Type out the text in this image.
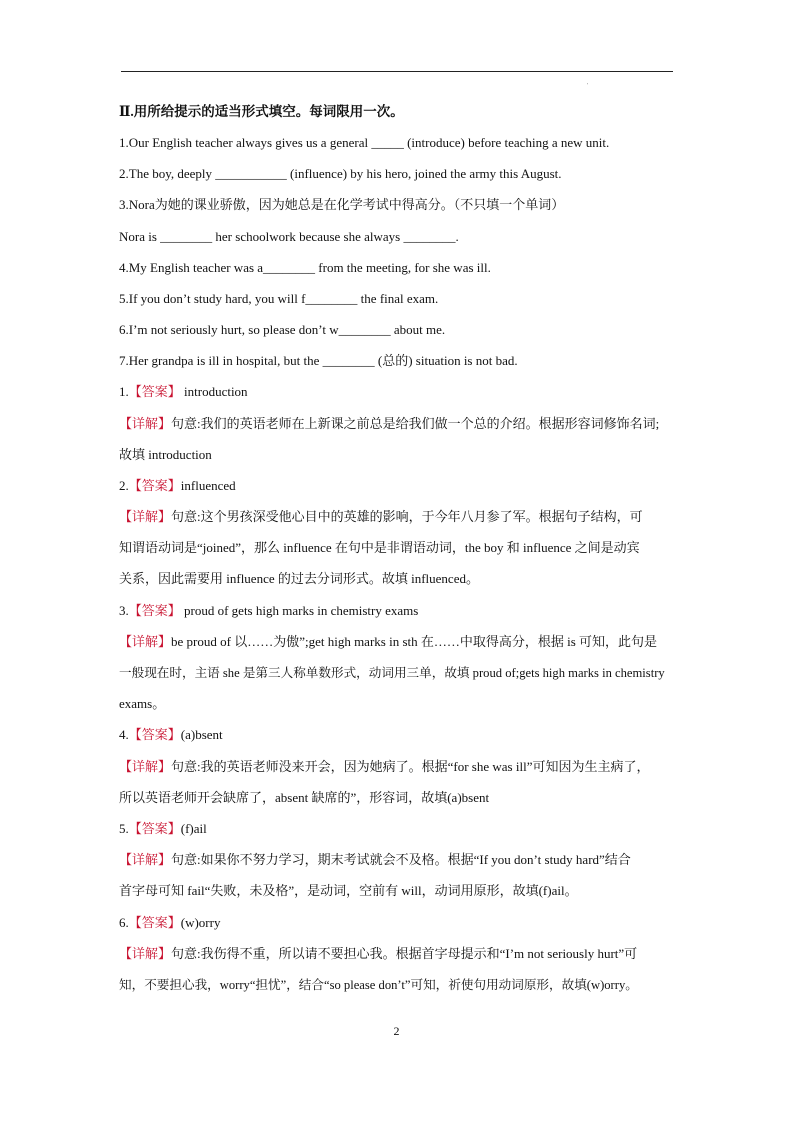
'
Ⅱ.用所给提示的适当形式填空。每词限用一次。
1.Our English teacher always gives us a general _____ (introduce) before teaching a new unit.
2.The boy, deeply ___________ (influence) by his hero, joined the army this August.
3.Nora为她的课业骄傲，因为她总是在化学考试中得高分。（不只填一个单词）
Nora is ________ her schoolwork because she always ________.
4.My English teacher was a________ from the meeting, for she was ill.
5.If you don’t study hard, you will f________ the final exam.
6.I’m not seriously hurt, so please don’t w________ about me.
7.Her grandpa is ill in hospital, but the ________ (总的) situation is not bad.
1.【答案】 introduction
【详解】句意:我们的英语老师在上新课之前总是给我们做一个总的介绍。根据形容词修饰名词;
故填 introduction
2.【答案】influenced
【详解】句意:这个男孩深受他心目中的英雄的影响，于今年八月参了军。根据句子结构，可
知谓语动词是“joined”，那么 influence 在句中是非谓语动词，the boy 和 influence 之间是动宾
关系，因此需要用 influence 的过去分词形式。故填 influenced。
3.【答案】 proud of gets high marks in chemistry exams
【详解】be proud of 以……为傲”;get high marks in sth 在……中取得高分，根据 is 可知，此句是
一般现在时，主语 she 是第三人称单数形式，动词用三单，故填 proud of;gets high marks in chemistry
exams。
4.【答案】(a)bsent
【详解】句意:我的英语老师没来开会，因为她病了。根据“for she was ill”可知因为生主病了，
所以英语老师开会缺席了，absent 缺席的”，形容词，故填(a)bsent
5.【答案】(f)ail
【详解】句意:如果你不努力学习，期末考试就会不及格。根据“If you don’t study hard”结合
首字母可知 fail“失败，未及格”，是动词，空前有 will，动词用原形，故填(f)ail。
6.【答案】(w)orry
【详解】句意:我伤得不重，所以请不要担心我。根据首字母提示和“I’m not seriously hurt”可
知，不要担心我，worry“担忧”，结合“so please don’t”可知，祈使句用动词原形，故填(w)orry。
2
